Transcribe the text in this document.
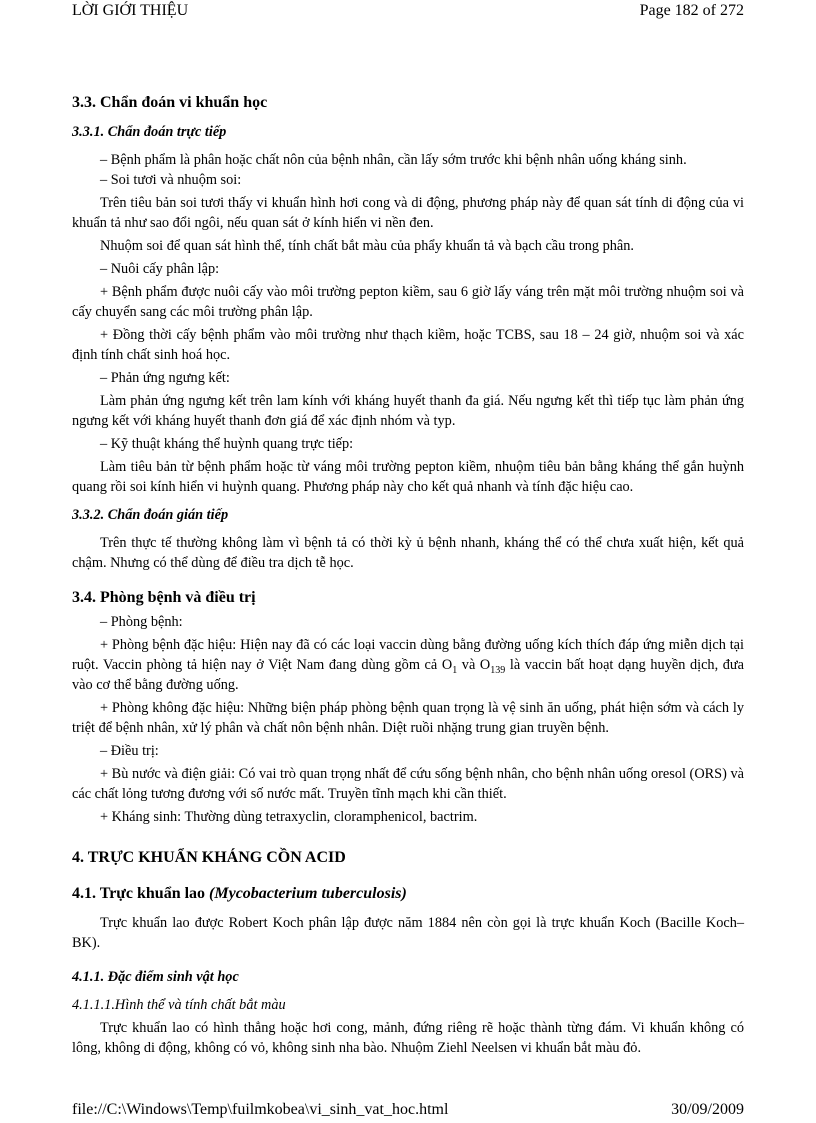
LỜI GIỚI THIỆU	Page 182 of 272

3.3. Chẩn đoán vi khuẩn học

3.3.1. Chẩn đoán trực tiếp

– Bệnh phẩm là phân hoặc chất nôn của bệnh nhân, cần lấy sớm trước khi bệnh nhân uống kháng sinh.

– Soi tươi và nhuộm soi:

Trên tiêu bản soi tươi thấy vi khuẩn hình hơi cong và di động, phương pháp này để quan sát tính di động của vi khuẩn tả như sao đổi ngôi, nếu quan sát ở kính hiển vi nền đen.

Nhuộm soi để quan sát hình thể, tính chất bắt màu của phẩy khuẩn tả và bạch cầu trong phân.

– Nuôi cấy phân lập:

+ Bệnh phẩm được nuôi cấy vào môi trường pepton kiềm, sau 6 giờ lấy váng trên mặt môi trường nhuộm soi và cấy chuyển sang các môi trường phân lập.

+ Đồng thời cấy bệnh phẩm vào môi trường như thạch kiềm, hoặc TCBS, sau 18 – 24 giờ, nhuộm soi và xác định tính chất sinh hoá học.

– Phản ứng ngưng kết:

Làm phản ứng ngưng kết trên lam kính với kháng huyết thanh đa giá. Nếu ngưng kết thì tiếp tục làm phản ứng ngưng kết với kháng huyết thanh đơn giá để xác định nhóm và typ.

– Kỹ thuật kháng thể huỳnh quang trực tiếp:

Làm tiêu bản từ bệnh phẩm hoặc từ váng môi trường pepton kiềm, nhuộm tiêu bản bằng kháng thể gắn huỳnh quang rồi soi kính hiển vi huỳnh quang. Phương pháp này cho kết quả nhanh và tính đặc hiệu cao.

3.3.2. Chẩn đoán gián tiếp

Trên thực tế thường không làm vì bệnh tả có thời kỳ ủ bệnh nhanh, kháng thể có thể chưa xuất hiện, kết quả chậm. Nhưng có thể dùng để điều tra dịch tễ học.

3.4. Phòng bệnh và điều trị

– Phòng bệnh:

+ Phòng bệnh đặc hiệu: Hiện nay đã có các loại vaccin dùng bằng đường uống kích thích đáp ứng miễn dịch tại ruột. Vaccin phòng tả hiện nay ở Việt Nam đang dùng gồm cả $O_1$ và $O_{139}$ là vaccin bất hoạt dạng huyền dịch, đưa vào cơ thể bằng đường uống.

+ Phòng không đặc hiệu: Những biện pháp phòng bệnh quan trọng là vệ sinh ăn uống, phát hiện sớm và cách ly triệt để bệnh nhân, xử lý phân và chất nôn bệnh nhân. Diệt ruồi nhặng trung gian truyền bệnh.

– Điều trị:

+ Bù nước và điện giải: Có vai trò quan trọng nhất để cứu sống bệnh nhân, cho bệnh nhân uống oresol (ORS) và các chất lỏng tương đương với số nước mất. Truyền tĩnh mạch khi cần thiết.

+ Kháng sinh: Thường dùng tetraxyclin, cloramphenicol, bactrim.

4. TRỰC KHUẨN KHÁNG CỒN ACID

4.1. Trực khuẩn lao (Mycobacterium tuberculosis)

Trực khuẩn lao được Robert Koch phân lập được năm 1884 nên còn gọi là trực khuẩn Koch (Bacille Koch– BK).

4.1.1. Đặc điểm sinh vật học

4.1.1.1.Hình thể và tính chất bắt màu

Trực khuẩn lao có hình thẳng hoặc hơi cong, mảnh, đứng riêng rẽ hoặc thành từng đám. Vi khuẩn không có lông, không di động, không có vỏ, không sinh nha bào. Nhuộm Ziehl Neelsen vi khuẩn bắt màu đỏ.

file://C:\Windows\Temp\fuilmkobea\vi_sinh_vat_hoc.html	30/09/2009
